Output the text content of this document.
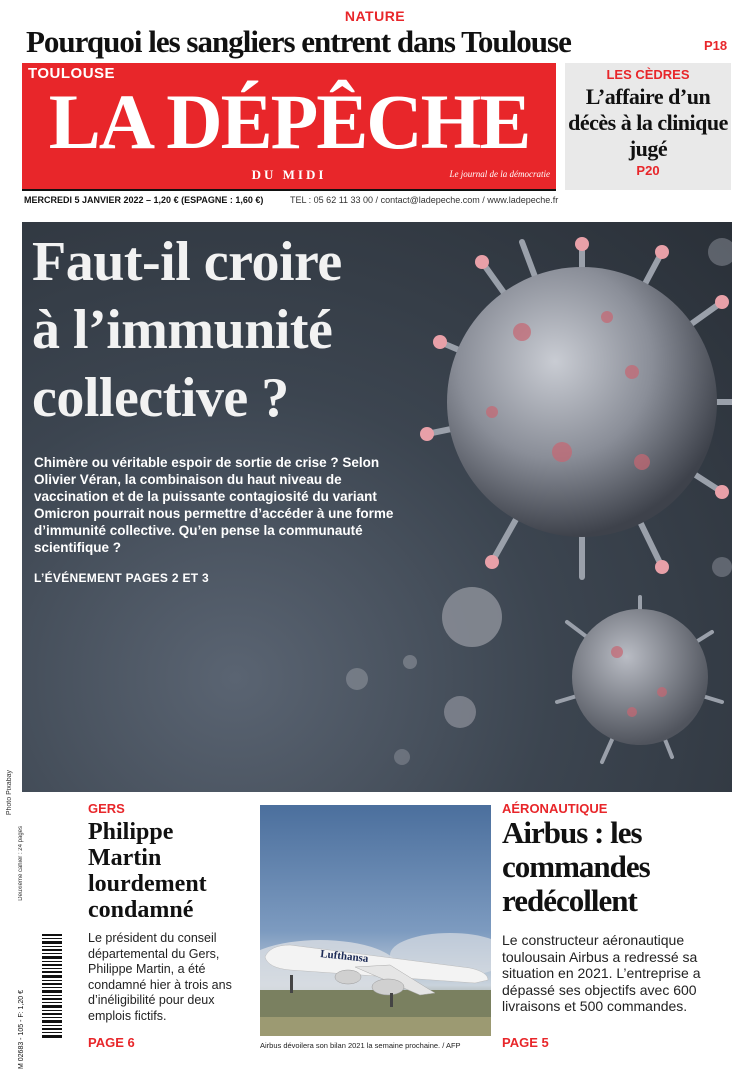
NATURE
Pourquoi les sangliers entrent dans Toulouse	P18
TOULOUSE
LA DÉPÊCHE
DU MIDI	Le journal de la démocratie
LES CÈDRES
L’affaire d’un décès à la clinique jugé
P20
MERCREDI 5 JANVIER 2022 – 1,20 € (ESPAGNE : 1,60 €)	TEL : 05 62 11 33 00 / contact@ladepeche.com / www.ladepeche.fr
Faut-il croire
à l’immunité
collective ?
Chimère ou véritable espoir de sortie de crise ? Selon Olivier Véran, la combinaison du haut niveau de vaccination et de la puissante contagiosité du variant Omicron pourrait nous permettre d’accéder à une forme d’immunité collective. Qu’en pense la communauté scientifique ?
L’ÉVÉNEMENT PAGES 2 ET 3
Photo Pixabay
Deuxième cahier : 24 pages
M 02683 - 105 - F: 1,20 €
GERS
Philippe Martin lourdement condamné
Le président du conseil départemental du Gers, Philippe Martin, a été condamné hier à trois ans d’inéligibilité pour deux emplois fictifs.
PAGE 6
Lufthansa
Airbus dévoilera son bilan 2021 la semaine prochaine. / AFP
AÉRONAUTIQUE
Airbus : les commandes redécollent
Le constructeur aéronautique toulousain Airbus a redressé sa situation en 2021. L’entreprise a dépassé ses objectifs avec 600 livraisons et 500 commandes.
PAGE 5
